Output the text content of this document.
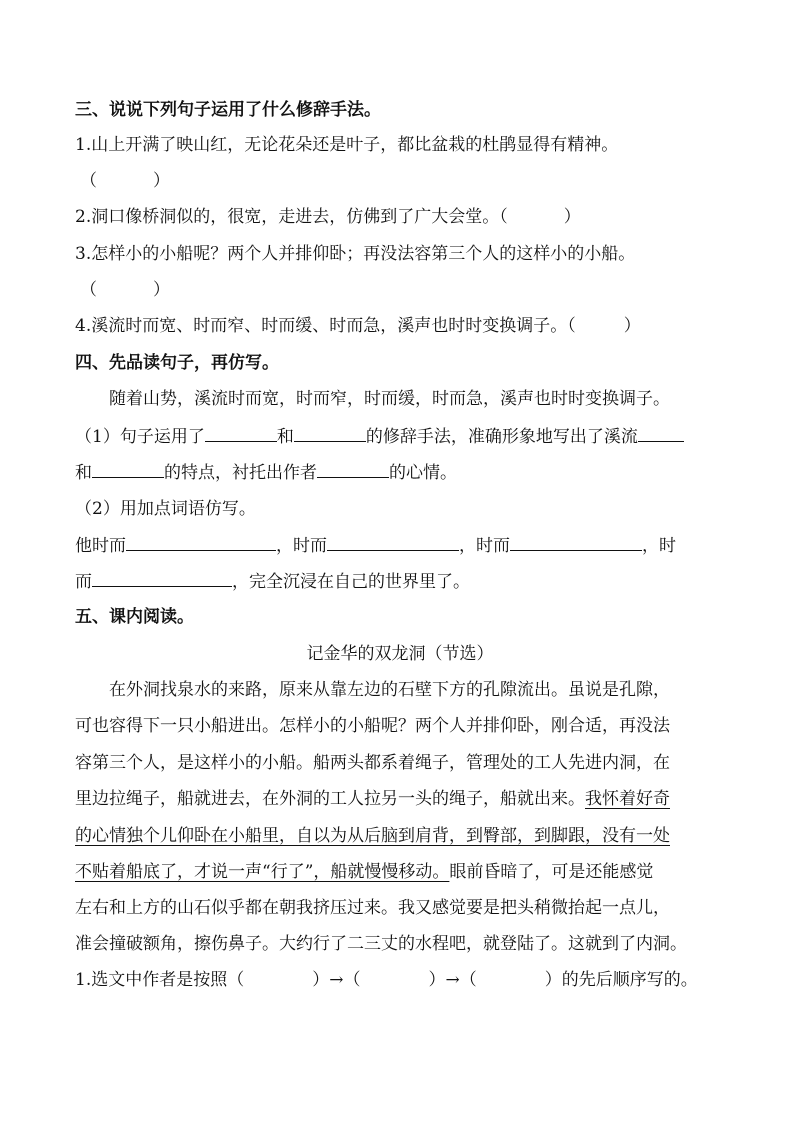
三、说说下列句子运用了什么修辞手法。
1.山上开满了映山红，无论花朵还是叶子，都比盆栽的杜鹃显得有精神。
（	）
2.洞口像桥洞似的，很宽，走进去，仿佛到了广大会堂。（	）
3.怎样小的小船呢？两个人并排仰卧；再没法容第三个人的这样小的小船。
（	）
4.溪流时而宽、时而窄、时而缓、时而急，溪声也时时变换调子。（	）
四、先品读句子，再仿写。
随着山势，溪流时而宽，时而窄，时而缓，时而急，溪声也时时变换调子。
（1）句子运用了	和	的修辞手法，准确形象地写出了溪流
和	的特点，衬托出作者	的心情。
（2）用加点词语仿写。
他时而	，时而	，时而	，时
而	，完全沉浸在自己的世界里了。
五、课内阅读。
记金华的双龙洞（节选）
在外洞找泉水的来路，原来从靠左边的石壁下方的孔隙流出。虽说是孔隙，
可也容得下一只小船进出。怎样小的小船呢？两个人并排仰卧，刚合适，再没法
容第三个人，是这样小的小船。船两头都系着绳子，管理处的工人先进内洞，在
里边拉绳子，船就进去，在外洞的工人拉另一头的绳子，船就出来。我怀着好奇
的心情独个儿仰卧在小船里，自以为从后脑到肩背，到臀部，到脚跟，没有一处
不贴着船底了，才说一声“行了”，船就慢慢移动。眼前昏暗了，可是还能感觉
左右和上方的山石似乎都在朝我挤压过来。我又感觉要是把头稍微抬起一点儿，
准会撞破额角，擦伤鼻子。大约行了二三丈的水程吧，就登陆了。这就到了内洞。
1.选文中作者是按照（	）→（	）→（	）的先后顺序写的。
